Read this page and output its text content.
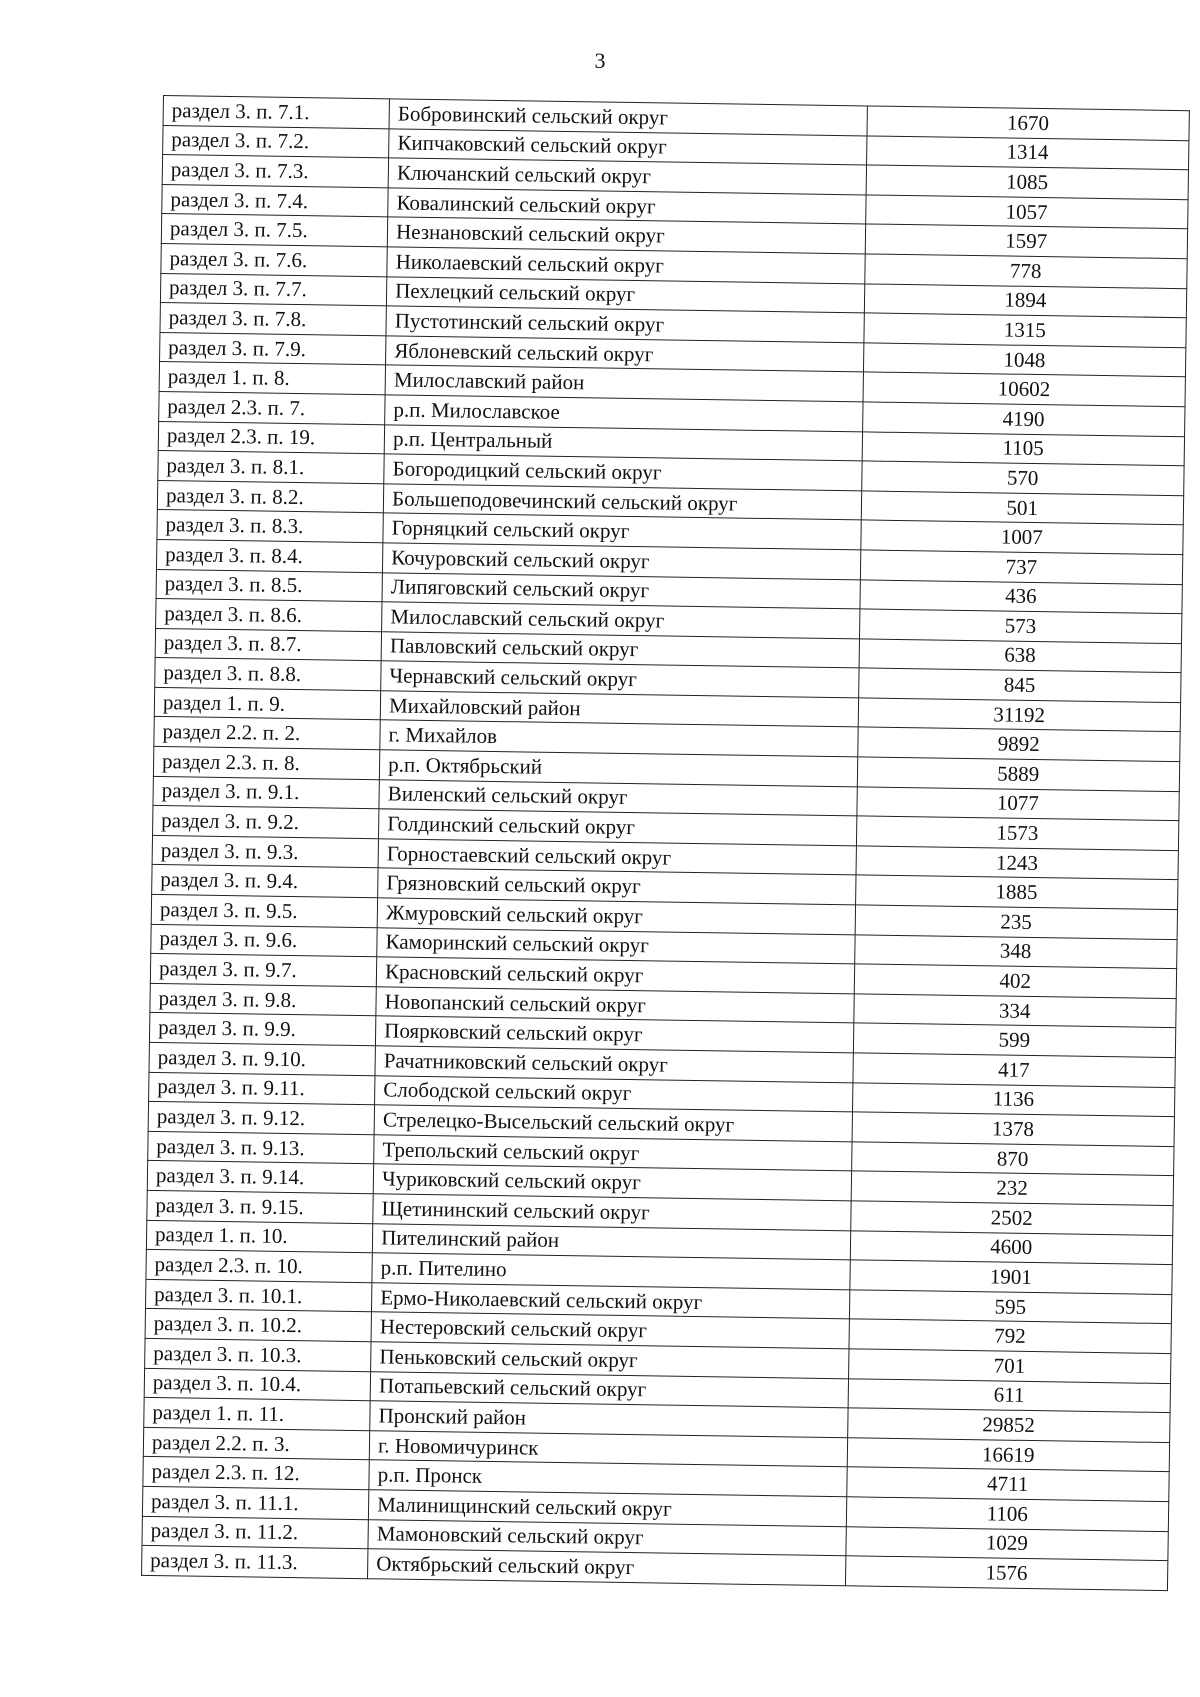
3
раздел 3. п. 7.1.	Бобровинский сельский округ	1670
раздел 3. п. 7.2.	Кипчаковский сельский округ	1314
раздел 3. п. 7.3.	Ключанский сельский округ	1085
раздел 3. п. 7.4.	Ковалинский сельский округ	1057
раздел 3. п. 7.5.	Незнановский сельский округ	1597
раздел 3. п. 7.6.	Николаевский сельский округ	778
раздел 3. п. 7.7.	Пехлецкий сельский округ	1894
раздел 3. п. 7.8.	Пустотинский сельский округ	1315
раздел 3. п. 7.9.	Яблоневский сельский округ	1048
раздел 1. п. 8.	Милославский район	10602
раздел 2.3. п. 7.	р.п. Милославское	4190
раздел 2.3. п. 19.	р.п. Центральный	1105
раздел 3. п. 8.1.	Богородицкий сельский округ	570
раздел 3. п. 8.2.	Большеподовечинский сельский округ	501
раздел 3. п. 8.3.	Горняцкий сельский округ	1007
раздел 3. п. 8.4.	Кочуровский сельский округ	737
раздел 3. п. 8.5.	Липяговский сельский округ	436
раздел 3. п. 8.6.	Милославский сельский округ	573
раздел 3. п. 8.7.	Павловский сельский округ	638
раздел 3. п. 8.8.	Чернавский сельский округ	845
раздел 1. п. 9.	Михайловский район	31192
раздел 2.2. п. 2.	г. Михайлов	9892
раздел 2.3. п. 8.	р.п. Октябрьский	5889
раздел 3. п. 9.1.	Виленский сельский округ	1077
раздел 3. п. 9.2.	Голдинский сельский округ	1573
раздел 3. п. 9.3.	Горностаевский сельский округ	1243
раздел 3. п. 9.4.	Грязновский сельский округ	1885
раздел 3. п. 9.5.	Жмуровский сельский округ	235
раздел 3. п. 9.6.	Каморинский сельский округ	348
раздел 3. п. 9.7.	Красновский сельский округ	402
раздел 3. п. 9.8.	Новопанский сельский округ	334
раздел 3. п. 9.9.	Поярковский сельский округ	599
раздел 3. п. 9.10.	Рачатниковский сельский округ	417
раздел 3. п. 9.11.	Слободской сельский округ	1136
раздел 3. п. 9.12.	Стрелецко-Высельский сельский округ	1378
раздел 3. п. 9.13.	Трепольский сельский округ	870
раздел 3. п. 9.14.	Чуриковский сельский округ	232
раздел 3. п. 9.15.	Щетининский сельский округ	2502
раздел 1. п. 10.	Пителинский район	4600
раздел 2.3. п. 10.	р.п. Пителино	1901
раздел 3. п. 10.1.	Ермо-Николаевский сельский округ	595
раздел 3. п. 10.2.	Нестеровский сельский округ	792
раздел 3. п. 10.3.	Пеньковский сельский округ	701
раздел 3. п. 10.4.	Потапьевский сельский округ	611
раздел 1. п. 11.	Пронский район	29852
раздел 2.2. п. 3.	г. Новомичуринск	16619
раздел 2.3. п. 12.	р.п. Пронск	4711
раздел 3. п. 11.1.	Малинищинский сельский округ	1106
раздел 3. п. 11.2.	Мамоновский сельский округ	1029
раздел 3. п. 11.3.	Октябрьский сельский округ	1576
